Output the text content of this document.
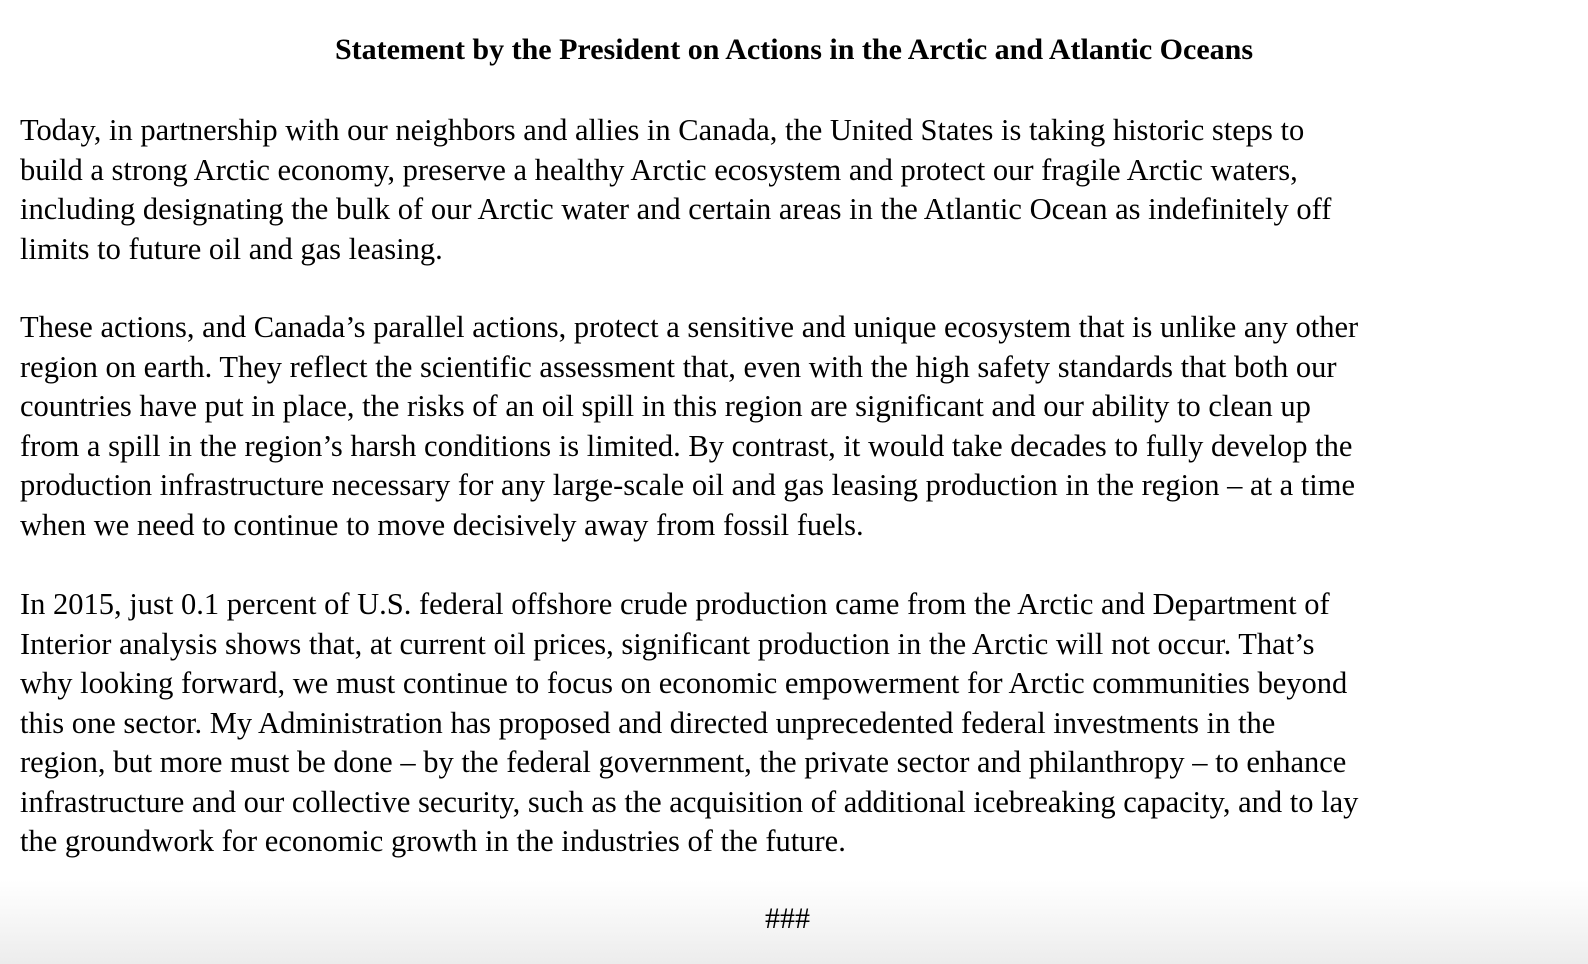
Statement by the President on Actions in the Arctic and Atlantic Oceans

Today, in partnership with our neighbors and allies in Canada, the United States is taking historic steps to
build a strong Arctic economy, preserve a healthy Arctic ecosystem and protect our fragile Arctic waters,
including designating the bulk of our Arctic water and certain areas in the Atlantic Ocean as indefinitely off
limits to future oil and gas leasing.

These actions, and Canada’s parallel actions, protect a sensitive and unique ecosystem that is unlike any other
region on earth. They reflect the scientific assessment that, even with the high safety standards that both our
countries have put in place, the risks of an oil spill in this region are significant and our ability to clean up
from a spill in the region’s harsh conditions is limited. By contrast, it would take decades to fully develop the
production infrastructure necessary for any large-scale oil and gas leasing production in the region – at a time
when we need to continue to move decisively away from fossil fuels.

In 2015, just 0.1 percent of U.S. federal offshore crude production came from the Arctic and Department of
Interior analysis shows that, at current oil prices, significant production in the Arctic will not occur. That’s
why looking forward, we must continue to focus on economic empowerment for Arctic communities beyond
this one sector. My Administration has proposed and directed unprecedented federal investments in the
region, but more must be done – by the federal government, the private sector and philanthropy – to enhance
infrastructure and our collective security, such as the acquisition of additional icebreaking capacity, and to lay
the groundwork for economic growth in the industries of the future.

###
